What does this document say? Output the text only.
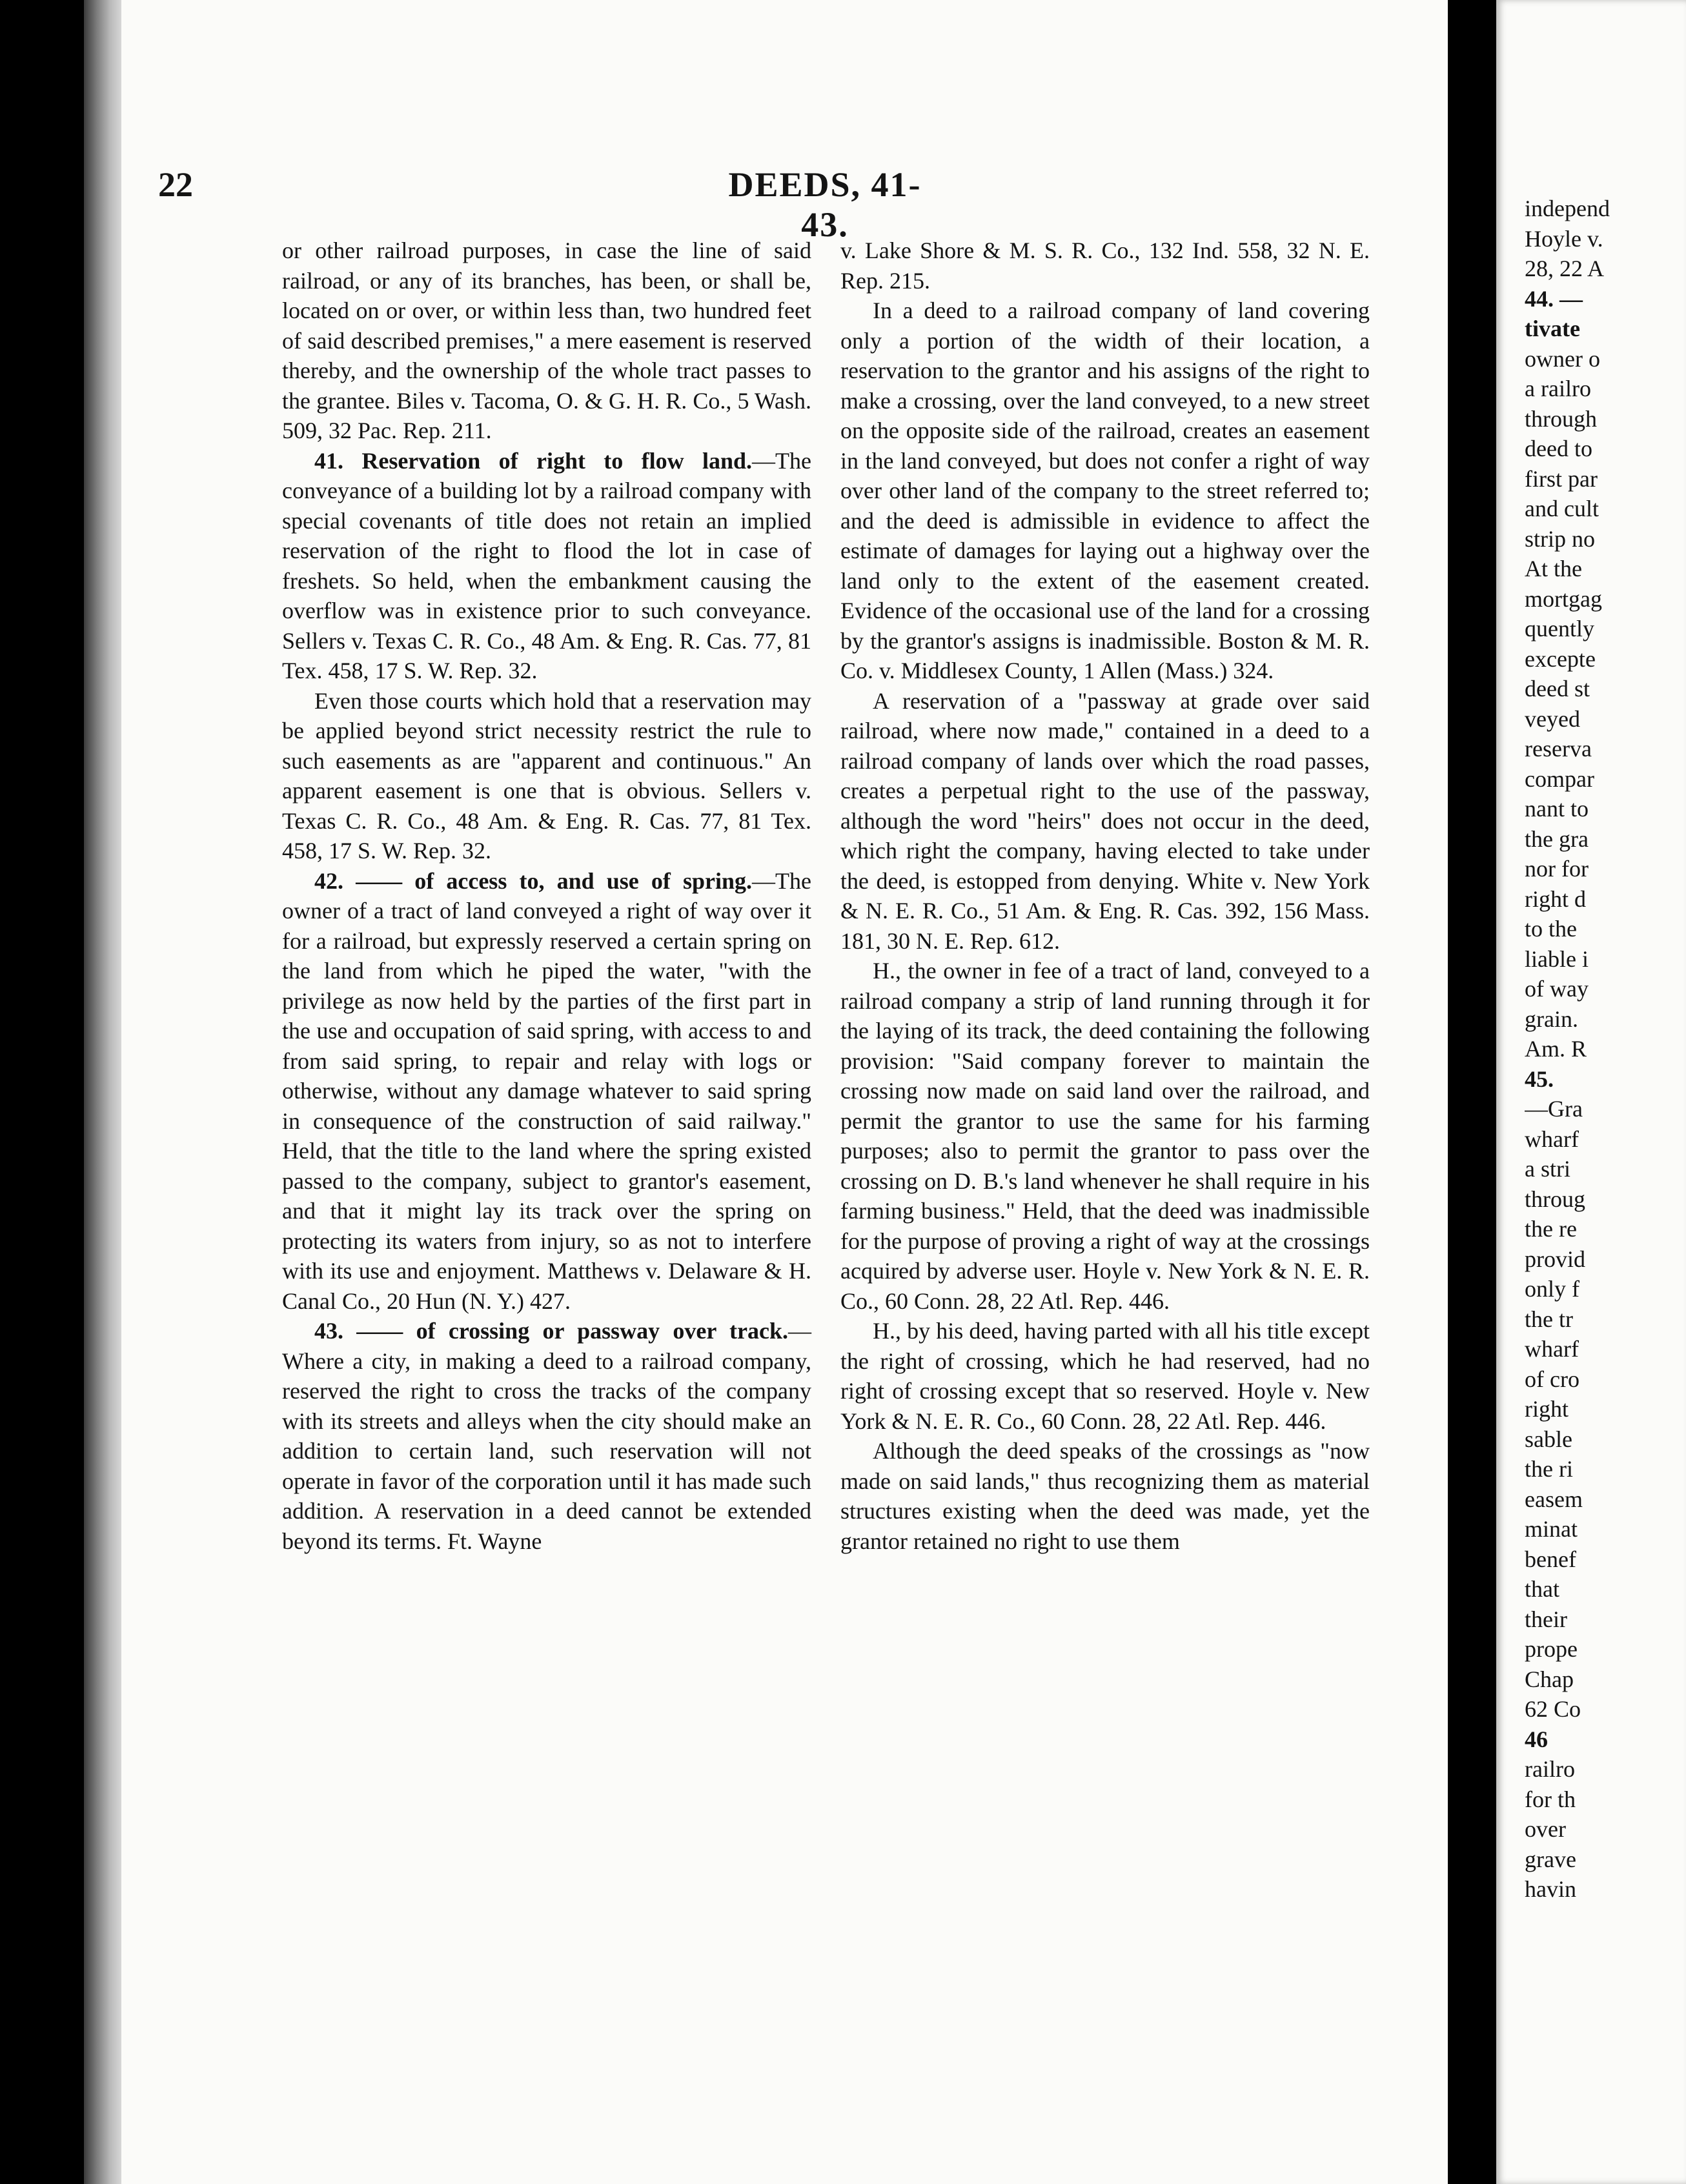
22	DEEDS, 41-43.

or other railroad purposes, in case the line of said railroad, or any of its branches, has been, or shall be, located on or over, or within less than, two hundred feet of said described premises," a mere easement is reserved thereby, and the ownership of the whole tract passes to the grantee. Biles v. Tacoma, O. & G. H. R. Co., 5 Wash. 509, 32 Pac. Rep. 211.

41. Reservation of right to flow land.—The conveyance of a building lot by a railroad company with special covenants of title does not retain an implied reservation of the right to flood the lot in case of freshets. So held, when the embankment causing the overflow was in existence prior to such conveyance. Sellers v. Texas C. R. Co., 48 Am. & Eng. R. Cas. 77, 81 Tex. 458, 17 S. W. Rep. 32.

Even those courts which hold that a reservation may be applied beyond strict necessity restrict the rule to such easements as are "apparent and continuous." An apparent easement is one that is obvious. Sellers v. Texas C. R. Co., 48 Am. & Eng. R. Cas. 77, 81 Tex. 458, 17 S. W. Rep. 32.

42. —— of access to, and use of spring.—The owner of a tract of land conveyed a right of way over it for a railroad, but expressly reserved a certain spring on the land from which he piped the water, "with the privilege as now held by the parties of the first part in the use and occupation of said spring, with access to and from said spring, to repair and relay with logs or otherwise, without any damage whatever to said spring in consequence of the construction of said railway." Held, that the title to the land where the spring existed passed to the company, subject to grantor's easement, and that it might lay its track over the spring on protecting its waters from injury, so as not to interfere with its use and enjoyment. Matthews v. Delaware & H. Canal Co., 20 Hun (N. Y.) 427.

43. —— of crossing or passway over track.—Where a city, in making a deed to a railroad company, reserved the right to cross the tracks of the company with its streets and alleys when the city should make an addition to certain land, such reservation will not operate in favor of the corporation until it has made such addition. A reservation in a deed cannot be extended beyond its terms. Ft. Wayne

v. Lake Shore & M. S. R. Co., 132 Ind. 558, 32 N. E. Rep. 215.

In a deed to a railroad company of land covering only a portion of the width of their location, a reservation to the grantor and his assigns of the right to make a crossing, over the land conveyed, to a new street on the opposite side of the railroad, creates an easement in the land conveyed, but does not confer a right of way over other land of the company to the street referred to; and the deed is admissible in evidence to affect the estimate of damages for laying out a highway over the land only to the extent of the easement created. Evidence of the occasional use of the land for a crossing by the grantor's assigns is inadmissible. Boston & M. R. Co. v. Middlesex County, 1 Allen (Mass.) 324.

A reservation of a "passway at grade over said railroad, where now made," contained in a deed to a railroad company of lands over which the road passes, creates a perpetual right to the use of the passway, although the word "heirs" does not occur in the deed, which right the company, having elected to take under the deed, is estopped from denying. White v. New York & N. E. R. Co., 51 Am. & Eng. R. Cas. 392, 156 Mass. 181, 30 N. E. Rep. 612.

H., the owner in fee of a tract of land, conveyed to a railroad company a strip of land running through it for the laying of its track, the deed containing the following provision: "Said company forever to maintain the crossing now made on said land over the railroad, and permit the grantor to use the same for his farming purposes; also to permit the grantor to pass over the crossing on D. B.'s land whenever he shall require in his farming business." Held, that the deed was inadmissible for the purpose of proving a right of way at the crossings acquired by adverse user. Hoyle v. New York & N. E. R. Co., 60 Conn. 28, 22 Atl. Rep. 446.

H., by his deed, having parted with all his title except the right of crossing, which he had reserved, had no right of crossing except that so reserved. Hoyle v. New York & N. E. R. Co., 60 Conn. 28, 22 Atl. Rep. 446.

Although the deed speaks of the crossings as "now made on said lands," thus recognizing them as material structures existing when the deed was made, yet the grantor retained no right to use them

independ
Hoyle v.
28, 22 A
44. —
tivate
owner o
a railro
through
deed to
first par
and cult
strip no
At the
mortgag
quently
excepte
deed st
veyed
reserva
compar
nant to
the gra
nor for
right d
to the
liable i
of way
grain.
Am. R
45.
—Gra
wharf
a stri
throug
the re
provid
only f
the tr
wharf
of cro
right
sable
the ri
easem
minat
benef
that
their
prope
Chap
62 Co
46
railro
for th
over
grave
havin
